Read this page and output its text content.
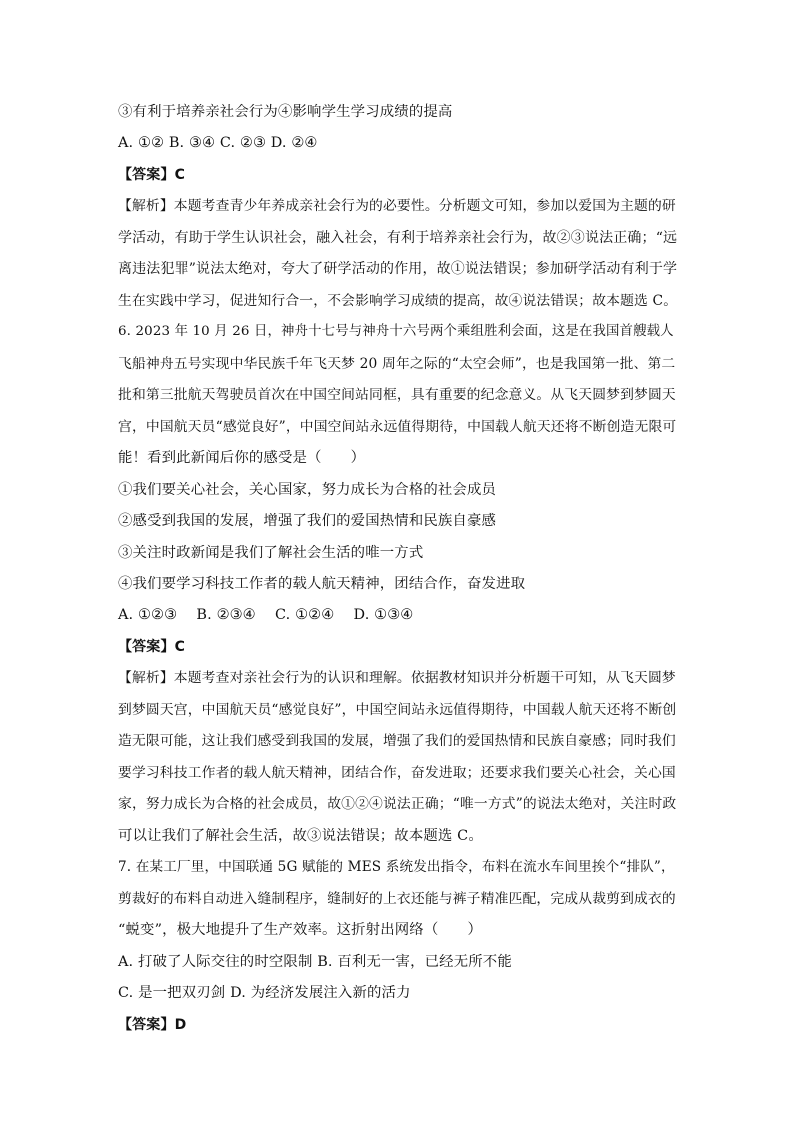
③有利于培养亲社会行为④影响学生学习成绩的提高
A. ①② B. ③④ C. ②③ D. ②④
【答案】C
【解析】本题考查青少年养成亲社会行为的必要性。分析题文可知，参加以爱国为主题的研
学活动，有助于学生认识社会，融入社会，有利于培养亲社会行为，故②③说法正确；“远
离违法犯罪”说法太绝对，夸大了研学活动的作用，故①说法错误；参加研学活动有利于学
生在实践中学习，促进知行合一，不会影响学习成绩的提高，故④说法错误；故本题选 C。
6. 2023 年 10 月 26 日，神舟十七号与神舟十六号两个乘组胜利会面，这是在我国首艘载人
飞船神舟五号实现中华民族千年飞天梦 20 周年之际的“太空会师”，也是我国第一批、第二
批和第三批航天驾驶员首次在中国空间站同框，具有重要的纪念意义。从飞天圆梦到梦圆天
宫，中国航天员“感觉良好”，中国空间站永远值得期待，中国载人航天还将不断创造无限可
能！看到此新闻后你的感受是（　　）
①我们要关心社会，关心国家，努力成长为合格的社会成员
②感受到我国的发展，增强了我们的爱国热情和民族自豪感
③关注时政新闻是我们了解社会生活的唯一方式
④我们要学习科技工作者的载人航天精神，团结合作，奋发进取
A. ①②③　 B. ②③④　 C. ①②④　 D. ①③④
【答案】C
【解析】本题考查对亲社会行为的认识和理解。依据教材知识并分析题干可知，从飞天圆梦
到梦圆天宫，中国航天员“感觉良好”，中国空间站永远值得期待，中国载人航天还将不断创
造无限可能，这让我们感受到我国的发展，增强了我们的爱国热情和民族自豪感；同时我们
要学习科技工作者的载人航天精神，团结合作，奋发进取；还要求我们要关心社会，关心国
家，努力成长为合格的社会成员，故①②④说法正确；“唯一方式”的说法太绝对，关注时政
可以让我们了解社会生活，故③说法错误；故本题选 C。
7. 在某工厂里，中国联通 5G 赋能的 MES 系统发出指令，布料在流水车间里挨个“排队”，
剪裁好的布料自动进入缝制程序，缝制好的上衣还能与裤子精准匹配，完成从裁剪到成衣的
“蜕变”，极大地提升了生产效率。这折射出网络（　　）
A. 打破了人际交往的时空限制 B. 百利无一害，已经无所不能
C. 是一把双刃剑 D. 为经济发展注入新的活力
【答案】D
